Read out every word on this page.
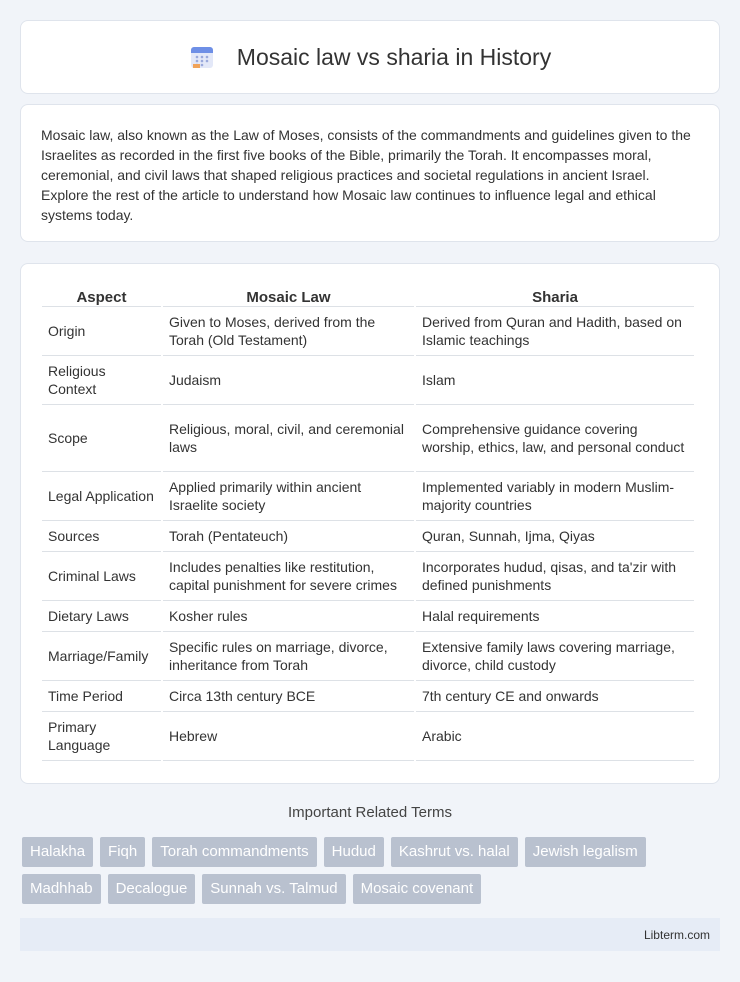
Mosaic law vs sharia in History

Mosaic law, also known as the Law of Moses, consists of the commandments and guidelines given to the Israelites as recorded in the first five books of the Bible, primarily the Torah. It encompasses moral, ceremonial, and civil laws that shaped religious practices and societal regulations in ancient Israel. Explore the rest of the article to understand how Mosaic law continues to influence legal and ethical systems today.

Aspect	Mosaic Law	Sharia
Origin	Given to Moses, derived from the Torah (Old Testament)	Derived from Quran and Hadith, based on Islamic teachings
Religious Context	Judaism	Islam
Scope	Religious, moral, civil, and ceremonial laws	Comprehensive guidance covering worship, ethics, law, and personal conduct
Legal Application	Applied primarily within ancient Israelite society	Implemented variably in modern Muslim-majority countries
Sources	Torah (Pentateuch)	Quran, Sunnah, Ijma, Qiyas
Criminal Laws	Includes penalties like restitution, capital punishment for severe crimes	Incorporates hudud, qisas, and ta'zir with defined punishments
Dietary Laws	Kosher rules	Halal requirements
Marriage/Family	Specific rules on marriage, divorce, inheritance from Torah	Extensive family laws covering marriage, divorce, child custody
Time Period	Circa 13th century BCE	7th century CE and onwards
Primary Language	Hebrew	Arabic
Important Related Terms
Halakha	Fiqh	Torah commandments	Hudud	Kashrut vs. halal	Jewish legalism
Madhhab	Decalogue	Sunnah vs. Talmud	Mosaic covenant
Libterm.com
